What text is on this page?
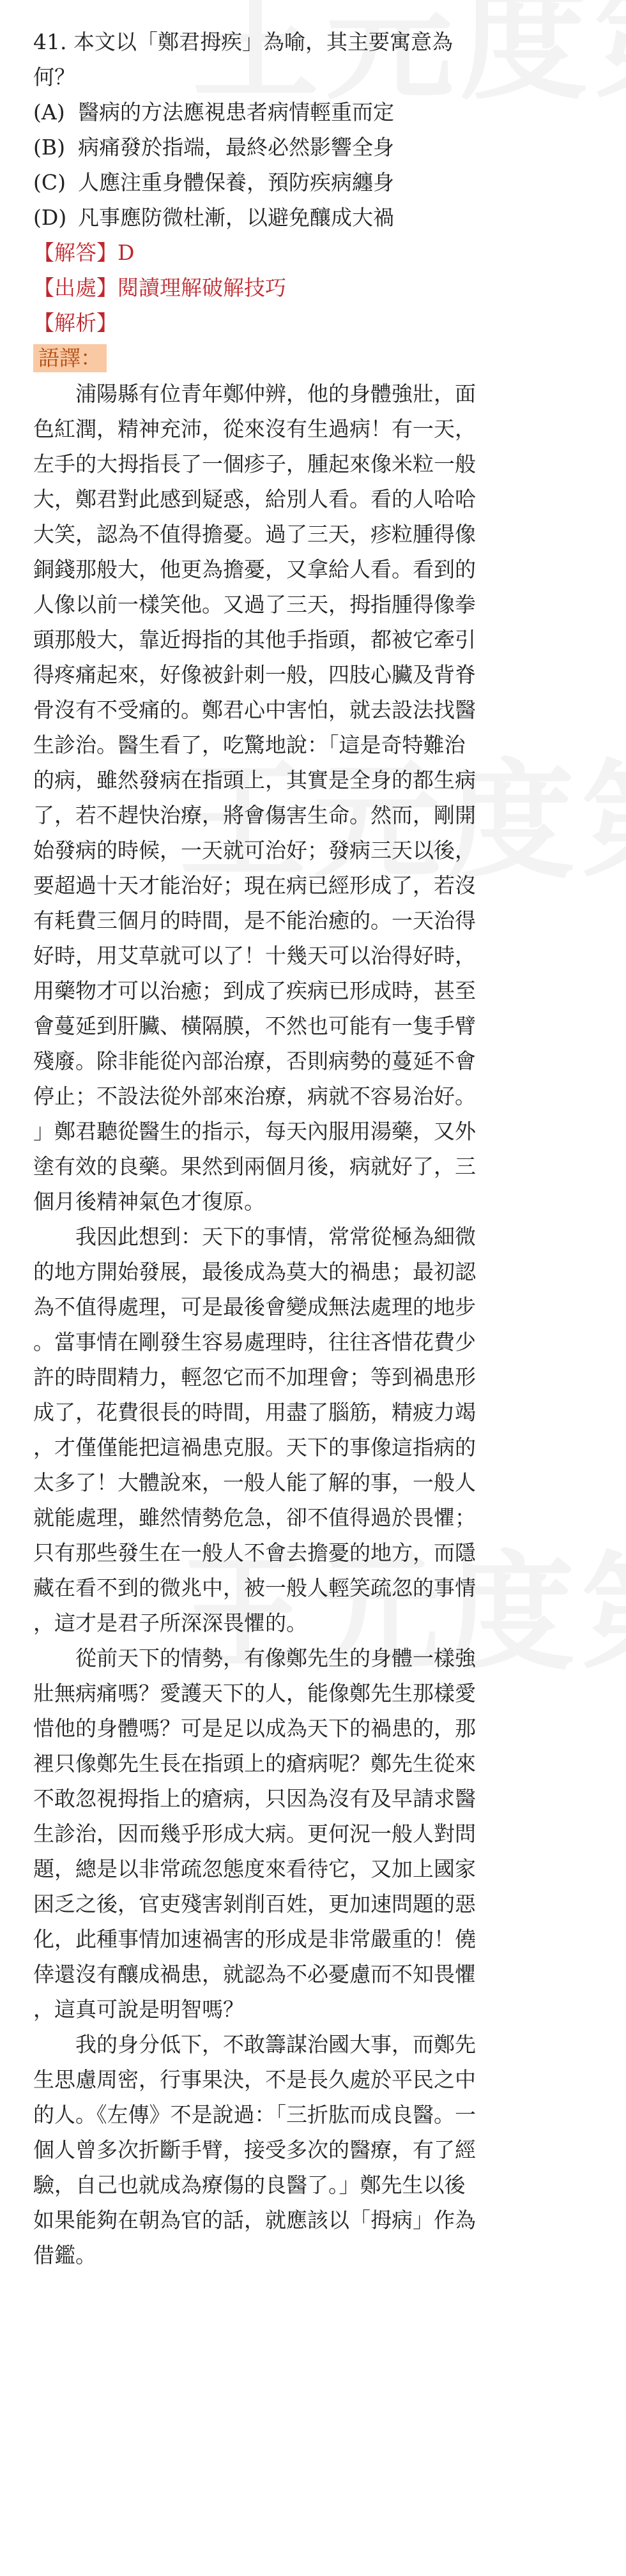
41. 本文以「鄭君拇疾」為喻，其主要寓意為
何？
(A) 醫病的方法應視患者病情輕重而定
(B) 病痛發於指端，最終必然影響全身
(C) 人應注重身體保養，預防疾病纏身
(D) 凡事應防微杜漸，以避免釀成大禍
【解答】D
【出處】閱讀理解破解技巧
【解析】
語譯：
浦陽縣有位青年鄭仲辨，他的身體強壯，面
色紅潤，精神充沛，從來沒有生過病！有一天，
左手的大拇指長了一個疹子，腫起來像米粒一般
大，鄭君對此感到疑惑，給別人看。看的人哈哈
大笑，認為不值得擔憂。過了三天，疹粒腫得像
銅錢那般大，他更為擔憂，又拿給人看。看到的
人像以前一樣笑他。又過了三天，拇指腫得像拳
頭那般大，靠近拇指的其他手指頭，都被它牽引
得疼痛起來，好像被針刺一般，四肢心臟及背脊
骨沒有不受痛的。鄭君心中害怕，就去設法找醫
生診治。醫生看了，吃驚地說：「這是奇特難治
的病，雖然發病在指頭上，其實是全身的都生病
了，若不趕快治療，將會傷害生命。然而，剛開
始發病的時候，一天就可治好；發病三天以後，
要超過十天才能治好；現在病已經形成了，若沒
有耗費三個月的時間，是不能治癒的。一天治得
好時，用艾草就可以了！十幾天可以治得好時，
用藥物才可以治癒；到成了疾病已形成時，甚至
會蔓延到肝臟、橫隔膜，不然也可能有一隻手臂
殘廢。除非能從內部治療，否則病勢的蔓延不會
停止；不設法從外部來治療，病就不容易治好。
」鄭君聽從醫生的指示，每天內服用湯藥，又外
塗有效的良藥。果然到兩個月後，病就好了，三
個月後精神氣色才復原。
我因此想到：天下的事情，常常從極為細微
的地方開始發展，最後成為莫大的禍患；最初認
為不值得處理，可是最後會變成無法處理的地步
。當事情在剛發生容易處理時，往往吝惜花費少
許的時間精力，輕忽它而不加理會；等到禍患形
成了，花費很長的時間，用盡了腦筋，精疲力竭
，才僅僅能把這禍患克服。天下的事像這指病的
太多了！大體說來，一般人能了解的事，一般人
就能處理，雖然情勢危急，卻不值得過於畏懼；
只有那些發生在一般人不會去擔憂的地方，而隱
藏在看不到的微兆中，被一般人輕笑疏忽的事情
，這才是君子所深深畏懼的。
從前天下的情勢，有像鄭先生的身體一樣強
壯無病痛嗎？愛護天下的人，能像鄭先生那樣愛
惜他的身體嗎？可是足以成為天下的禍患的，那
裡只像鄭先生長在指頭上的瘡病呢？鄭先生從來
不敢忽視拇指上的瘡病，只因為沒有及早請求醫
生診治，因而幾乎形成大病。更何況一般人對問
題，總是以非常疏忽態度來看待它，又加上國家
困乏之後，官吏殘害剝削百姓，更加速問題的惡
化，此種事情加速禍害的形成是非常嚴重的！僥
倖還沒有釀成禍患，就認為不必憂慮而不知畏懼
，這真可說是明智嗎？
我的身分低下，不敢籌謀治國大事，而鄭先
生思慮周密，行事果決，不是長久處於平民之中
的人。《左傳》不是說過：「三折肱而成良醫。一
個人曾多次折斷手臂，接受多次的醫療，有了經
驗，自己也就成為療傷的良醫了。」鄭先生以後
如果能夠在朝為官的話，就應該以「拇病」作為
借鑑。
